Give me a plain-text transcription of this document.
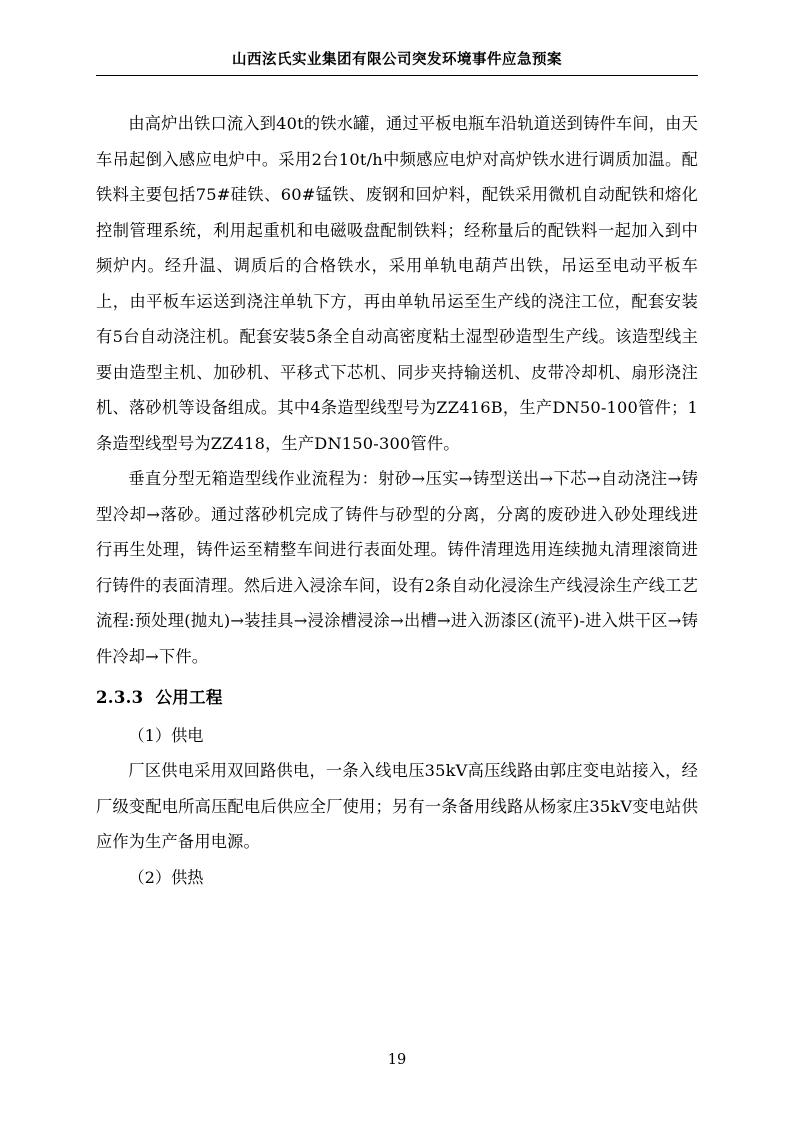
山西泫氏实业集团有限公司突发环境事件应急预案

由高炉出铁口流入到40t的铁水罐，通过平板电瓶车沿轨道送到铸件车间，由天车吊起倒入感应电炉中。采用2台10t/h中频感应电炉对高炉铁水进行调质加温。配铁料主要包括75#硅铁、60#锰铁、废钢和回炉料，配铁采用微机自动配铁和熔化控制管理系统，利用起重机和电磁吸盘配制铁料；经称量后的配铁料一起加入到中频炉内。经升温、调质后的合格铁水，采用单轨电葫芦出铁，吊运至电动平板车上，由平板车运送到浇注单轨下方，再由单轨吊运至生产线的浇注工位，配套安装有5台自动浇注机。配套安装5条全自动高密度粘土湿型砂造型生产线。该造型线主要由造型主机、加砂机、平移式下芯机、同步夹持输送机、皮带冷却机、扇形浇注机、落砂机等设备组成。其中4条造型线型号为ZZ416B，生产DN50-100管件；1条造型线型号为ZZ418，生产DN150-300管件。

垂直分型无箱造型线作业流程为：射砂→压实→铸型送出→下芯→自动浇注→铸型冷却→落砂。通过落砂机完成了铸件与砂型的分离，分离的废砂进入砂处理线进行再生处理，铸件运至精整车间进行表面处理。铸件清理选用连续抛丸清理滚筒进行铸件的表面清理。然后进入浸涂车间，设有2条自动化浸涂生产线浸涂生产线工艺流程:预处理(抛丸)→装挂具→浸涂槽浸涂→出槽→进入沥漆区(流平)-进入烘干区→铸件冷却→下件。

2.3.3 公用工程

（1）供电

厂区供电采用双回路供电，一条入线电压35kV高压线路由郭庄变电站接入，经厂级变配电所高压配电后供应全厂使用；另有一条备用线路从杨家庄35kV变电站供应作为生产备用电源。

（2）供热

19
